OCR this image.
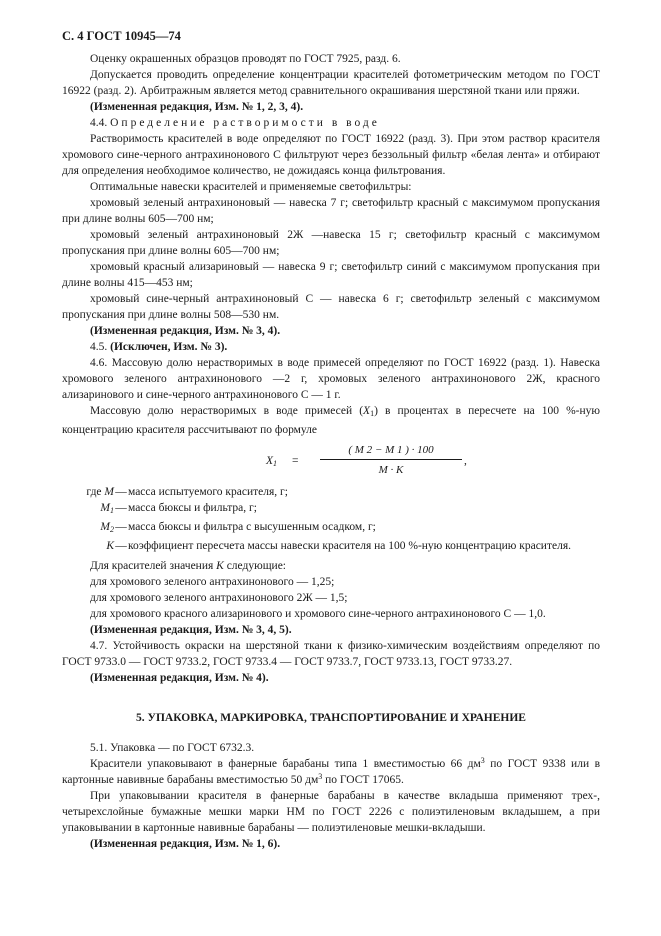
С. 4 ГОСТ 10945—74

Оценку окрашенных образцов проводят по ГОСТ 7925, разд. 6.

Допускается проводить определение концентрации красителей фотометрическим методом по ГОСТ 16922 (разд. 2). Арбитражным является метод сравнительного окрашивания шерстяной ткани или пряжи.

(Измененная редакция, Изм. № 1, 2, 3, 4).

4.4. Определение растворимости в воде

Растворимость красителей в воде определяют по ГОСТ 16922 (разд. 3). При этом раствор красителя хромового сине-черного антрахинонового С фильтруют через беззольный фильтр «белая лента» и отбирают для определения необходимое количество, не дожидаясь конца фильтрования.

Оптимальные навески красителей и применяемые светофильтры:

хромовый зеленый антрахиноновый — навеска 7 г; светофильтр красный с максимумом пропускания при длине волны 605—700 нм;

хромовый зеленый антрахиноновый 2Ж —навеска 15 г; светофильтр красный с максимумом пропускания при длине волны 605—700 нм;

хромовый красный ализариновый — навеска 9 г; светофильтр синий с максимумом пропускания при длине волны 415—453 нм;

хромовый сине-черный антрахиноновый С — навеска 6 г; светофильтр зеленый с максимумом пропускания при длине волны 508—530 нм.

(Измененная редакция, Изм. № 3, 4).

4.5. (Исключен, Изм. № 3).

4.6. Массовую долю нерастворимых в воде примесей определяют по ГОСТ 16922 (разд. 1). Навеска хромового зеленого антрахинонового —2 г, хромовых зеленого антрахинонового 2Ж, красного ализаринового и сине-черного антрахинонового С — 1 г.

Массовую долю нерастворимых в воде примесей $(X_1)$ в процентах в пересчете на 100 %-ную концентрацию красителя рассчитывают по формуле

$X_1$ =
( M 2 − M 1 ) · 100
M · K
,
где M — масса испытуемого красителя, г;
$M_1$ — масса бюксы и фильтра, г;
$M_2$ — масса бюксы и фильтра с высушенным осадком, г;
K — коэффициент пересчета массы навески красителя на 100 %-ную концентрацию красителя.

Для красителей значения K следующие:

для хромового зеленого антрахинонового — 1,25;

для хромового зеленого антрахинонового 2Ж — 1,5;

для хромового красного ализаринового и хромового сине-черного антрахинонового С — 1,0.

(Измененная редакция, Изм. № 3, 4, 5).

4.7. Устойчивость окраски на шерстяной ткани к физико-химическим воздействиям определяют по ГОСТ 9733.0 — ГОСТ 9733.2, ГОСТ 9733.4 — ГОСТ 9733.7, ГОСТ 9733.13, ГОСТ 9733.27.

(Измененная редакция, Изм. № 4).

5. УПАКОВКА, МАРКИРОВКА, ТРАНСПОРТИРОВАНИЕ И ХРАНЕНИЕ

5.1. Упаковка — по ГОСТ 6732.3.

Красители упаковывают в фанерные барабаны типа 1 вместимостью 66 $дм^3$ по ГОСТ 9338 или в картонные навивные барабаны вместимостью 50 $дм^3$ по ГОСТ 17065.

При упаковывании красителя в фанерные барабаны в качестве вкладыша применяют трех-, четырехслойные бумажные мешки марки НМ по ГОСТ 2226 с полиэтиленовым вкладышем, а при упаковывании в картонные навивные барабаны — полиэтиленовые мешки-вкладыши.

(Измененная редакция, Изм. № 1, 6).
